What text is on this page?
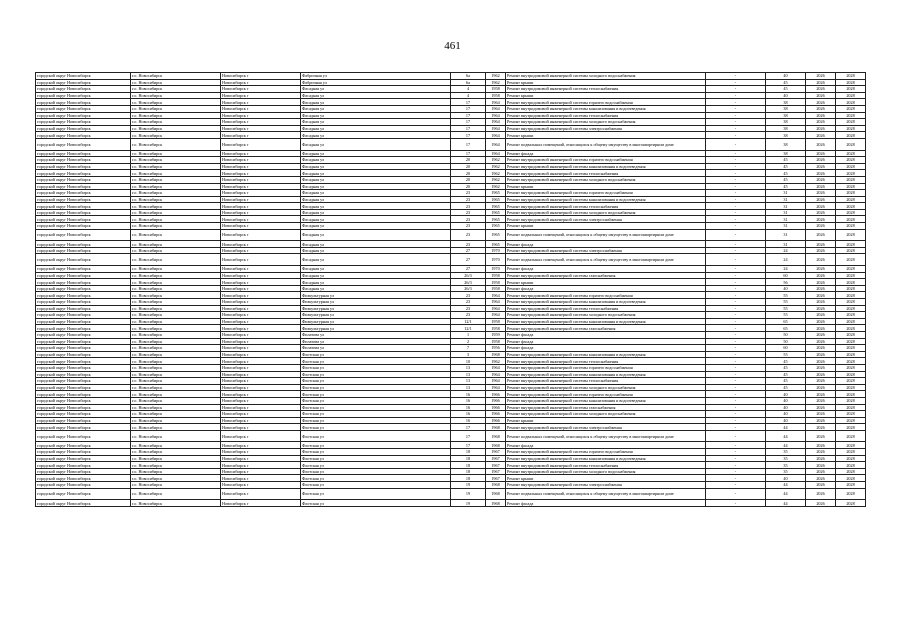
461
городской округ Новосибирск	г.о. Новосибирск	Новосибирск г	Фабричная ул	6а	1962	Ремонт внутридомовой инженерной системы холодного водоснабжения	-	40	2026	2028
городской округ Новосибирск	г.о. Новосибирск	Новосибирск г	Фабричная ул	6а	1962	Ремонт крыши	-	45	2026	2028
городской округ Новосибирск	г.о. Новосибирск	Новосибирск г	Фасадная ул	4	1958	Ремонт внутридомовой инженерной системы теплоснабжения	-	45	2026	2028
городской округ Новосибирск	г.о. Новосибирск	Новосибирск г	Фасадная ул	4	1958	Ремонт крыши	-	40	2026	2028
городской округ Новосибирск	г.о. Новосибирск	Новосибирск г	Фасадная ул	17	1964	Ремонт внутридомовой инженерной системы горячего водоснабжения	-	38	2026	2028
городской округ Новосибирск	г.о. Новосибирск	Новосибирск г	Фасадная ул	17	1964	Ремонт внутридомовой инженерной системы канализования и водоотведения	-	38	2026	2028
городской округ Новосибирск	г.о. Новосибирск	Новосибирск г	Фасадная ул	17	1964	Ремонт внутридомовой инженерной системы теплоснабжения	-	38	2026	2028
городской округ Новосибирск	г.о. Новосибирск	Новосибирск г	Фасадная ул	17	1964	Ремонт внутридомовой инженерной системы холодного водоснабжения	-	38	2026	2028
городской округ Новосибирск	г.о. Новосибирск	Новосибирск г	Фасадная ул	17	1964	Ремонт внутридомовой инженерной системы электроснабжения	-	38	2026	2028
городской округ Новосибирск	г.о. Новосибирск	Новосибирск г	Фасадная ул	17	1964	Ремонт крыши	-	38	2026	2028
городской округ Новосибирск	г.о. Новосибирск	Новосибирск г	Фасадная ул	17	1964	Ремонт подвальных помещений, относящихся к общему имуществу в многоквартирном доме	-	38	2026	2028
городской округ Новосибирск	г.о. Новосибирск	Новосибирск г	Фасадная ул	17	1964	Ремонт фасада	-	38	2026	2028
городской округ Новосибирск	г.о. Новосибирск	Новосибирск г	Фасадная ул	20	1962	Ремонт внутридомовой инженерной системы горячего водоснабжения	-	45	2026	2028
городской округ Новосибирск	г.о. Новосибирск	Новосибирск г	Фасадная ул	20	1962	Ремонт внутридомовой инженерной системы канализования и водоотведения	-	45	2026	2028
городской округ Новосибирск	г.о. Новосибирск	Новосибирск г	Фасадная ул	20	1962	Ремонт внутридомовой инженерной системы теплоснабжения	-	45	2026	2028
городской округ Новосибирск	г.о. Новосибирск	Новосибирск г	Фасадная ул	20	1962	Ремонт внутридомовой инженерной системы холодного водоснабжения	-	45	2026	2028
городской округ Новосибирск	г.о. Новосибирск	Новосибирск г	Фасадная ул	20	1962	Ремонт крыши	-	45	2026	2028
городской округ Новосибирск	г.о. Новосибирск	Новосибирск г	Фасадная ул	23	1965	Ремонт внутридомовой инженерной системы горячего водоснабжения	-	31	2026	2028
городской округ Новосибирск	г.о. Новосибирск	Новосибирск г	Фасадная ул	23	1965	Ремонт внутридомовой инженерной системы канализования и водоотведения	-	31	2026	2028
городской округ Новосибирск	г.о. Новосибирск	Новосибирск г	Фасадная ул	23	1965	Ремонт внутридомовой инженерной системы теплоснабжения	-	31	2026	2028
городской округ Новосибирск	г.о. Новосибирск	Новосибирск г	Фасадная ул	23	1965	Ремонт внутридомовой инженерной системы холодного водоснабжения	-	31	2026	2028
городской округ Новосибирск	г.о. Новосибирск	Новосибирск г	Фасадная ул	23	1965	Ремонт внутридомовой инженерной системы электроснабжения	-	31	2026	2028
городской округ Новосибирск	г.о. Новосибирск	Новосибирск г	Фасадная ул	23	1965	Ремонт крыши	-	31	2026	2028
городской округ Новосибирск	г.о. Новосибирск	Новосибирск г	Фасадная ул	23	1965	Ремонт подвальных помещений, относящихся к общему имуществу в многоквартирном доме	-	31	2026	2028
городской округ Новосибирск	г.о. Новосибирск	Новосибирск г	Фасадная ул	23	1965	Ремонт фасада	-	31	2026	2028
городской округ Новосибирск	г.о. Новосибирск	Новосибирск г	Фасадная ул	27	1970	Ремонт внутридомовой инженерной системы электроснабжения	-	24	2026	2028
городской округ Новосибирск	г.о. Новосибирск	Новосибирск г	Фасадная ул	27	1970	Ремонт подвальных помещений, относящихся к общему имуществу в многоквартирном доме	-	24	2026	2028
городской округ Новосибирск	г.о. Новосибирск	Новосибирск г	Фасадная ул	27	1970	Ремонт фасада	-	24	2026	2028
городской округ Новосибирск	г.о. Новосибирск	Новосибирск г	Фасадная ул	26/3	1958	Ремонт внутридомовой инженерной системы газоснабжения	-	60	2026	2028
городской округ Новосибирск	г.о. Новосибирск	Новосибирск г	Фасадная ул	26/3	1958	Ремонт крыши	-	56	2026	2028
городской округ Новосибирск	г.о. Новосибирск	Новосибирск г	Фасадная ул	26/3	1958	Ремонт фасада	-	40	2026	2028
городской округ Новосибирск	г.о. Новосибирск	Новосибирск г	Физкультурная ул	23	1964	Ремонт внутридомовой инженерной системы горячего водоснабжения	-	55	2026	2028
городской округ Новосибирск	г.о. Новосибирск	Новосибирск г	Физкультурная ул	23	1964	Ремонт внутридомовой инженерной системы канализования и водоотведения	-	55	2026	2028
городской округ Новосибирск	г.о. Новосибирск	Новосибирск г	Физкультурная ул	23	1964	Ремонт внутридомовой инженерной системы теплоснабжения	-	55	2026	2028
городской округ Новосибирск	г.о. Новосибирск	Новосибирск г	Физкультурная ул	23	1964	Ремонт внутридомовой инженерной системы холодного водоснабжения	-	55	2026	2028
городской округ Новосибирск	г.о. Новосибирск	Новосибирск г	Физкультурная ул	12/1	1958	Ремонт внутридомовой инженерной системы канализования и водоотведения	-	65	2026	2028
городской округ Новосибирск	г.о. Новосибирск	Новосибирск г	Физкультурная ул	12/1	1958	Ремонт внутридомовой инженерной системы газоснабжения	-	65	2026	2028
городской округ Новосибирск	г.о. Новосибирск	Новосибирск г	Филатова ул	1	1959	Ремонт фасада	-	50	2026	2028
городской округ Новосибирск	г.о. Новосибирск	Новосибирск г	Филатова ул	2	1958	Ремонт фасада	-	50	2026	2028
городской округ Новосибирск	г.о. Новосибирск	Новосибирск г	Филатова ул	7	1956	Ремонт фасада	-	60	2026	2028
городской округ Новосибирск	г.о. Новосибирск	Новосибирск г	Флотская ул	3	1968	Ремонт внутридомовой инженерной системы канализования и водоотведения	-	55	2026	2028
городской округ Новосибирск	г.о. Новосибирск	Новосибирск г	Флотская ул	10	1962	Ремонт внутридомовой инженерной системы теплоснабжения	-	45	2026	2028
городской округ Новосибирск	г.о. Новосибирск	Новосибирск г	Флотская ул	13	1964	Ремонт внутридомовой инженерной системы горячего водоснабжения	-	45	2026	2028
городской округ Новосибирск	г.о. Новосибирск	Новосибирск г	Флотская ул	13	1964	Ремонт внутридомовой инженерной системы канализования и водоотведения	-	45	2026	2028
городской округ Новосибирск	г.о. Новосибирск	Новосибирск г	Флотская ул	13	1964	Ремонт внутридомовой инженерной системы теплоснабжения	-	45	2026	2028
городской округ Новосибирск	г.о. Новосибирск	Новосибирск г	Флотская ул	13	1964	Ремонт внутридомовой инженерной системы холодного водоснабжения	-	45	2026	2028
городской округ Новосибирск	г.о. Новосибирск	Новосибирск г	Флотская ул	16	1966	Ремонт внутридомовой инженерной системы горячего водоснабжения	-	40	2026	2028
городской округ Новосибирск	г.о. Новосибирск	Новосибирск г	Флотская ул	16	1966	Ремонт внутридомовой инженерной системы канализования и водоотведения	-	40	2026	2028
городской округ Новосибирск	г.о. Новосибирск	Новосибирск г	Флотская ул	16	1966	Ремонт внутридомовой инженерной системы газоснабжения	-	40	2026	2028
городской округ Новосибирск	г.о. Новосибирск	Новосибирск г	Флотская ул	16	1966	Ремонт внутридомовой инженерной системы холодного водоснабжения	-	40	2026	2028
городской округ Новосибирск	г.о. Новосибирск	Новосибирск г	Флотская ул	16	1966	Ремонт крыши	-	40	2026	2028
городской округ Новосибирск	г.о. Новосибирск	Новосибирск г	Флотская ул	17	1968	Ремонт внутридомовой инженерной системы электроснабжения	-	44	2026	2028
городской округ Новосибирск	г.о. Новосибирск	Новосибирск г	Флотская ул	17	1968	Ремонт подвальных помещений, относящихся к общему имуществу в многоквартирном доме	-	44	2026	2028
городской округ Новосибирск	г.о. Новосибирск	Новосибирск г	Флотская ул	17	1968	Ремонт фасада	-	44	2026	2028
городской округ Новосибирск	г.о. Новосибирск	Новосибирск г	Флотская ул	18	1967	Ремонт внутридомовой инженерной системы горячего водоснабжения	-	35	2026	2028
городской округ Новосибирск	г.о. Новосибирск	Новосибирск г	Флотская ул	18	1967	Ремонт внутридомовой инженерной системы канализования и водоотведения	-	35	2026	2028
городской округ Новосибирск	г.о. Новосибирск	Новосибирск г	Флотская ул	18	1967	Ремонт внутридомовой инженерной системы теплоснабжения	-	35	2026	2028
городской округ Новосибирск	г.о. Новосибирск	Новосибирск г	Флотская ул	18	1967	Ремонт внутридомовой инженерной системы холодного водоснабжения	-	35	2026	2028
городской округ Новосибирск	г.о. Новосибирск	Новосибирск г	Флотская ул	18	1967	Ремонт крыши	-	40	2026	2028
городской округ Новосибирск	г.о. Новосибирск	Новосибирск г	Флотская ул	19	1968	Ремонт внутридомовой инженерной системы электроснабжения	-	44	2026	2028
городской округ Новосибирск	г.о. Новосибирск	Новосибирск г	Флотская ул	19	1968	Ремонт подвальных помещений, относящихся к общему имуществу в многоквартирном доме	-	44	2026	2028
городской округ Новосибирск	г.о. Новосибирск	Новосибирск г	Флотская ул	19	1968	Ремонт фасада	-	44	2026	2028
